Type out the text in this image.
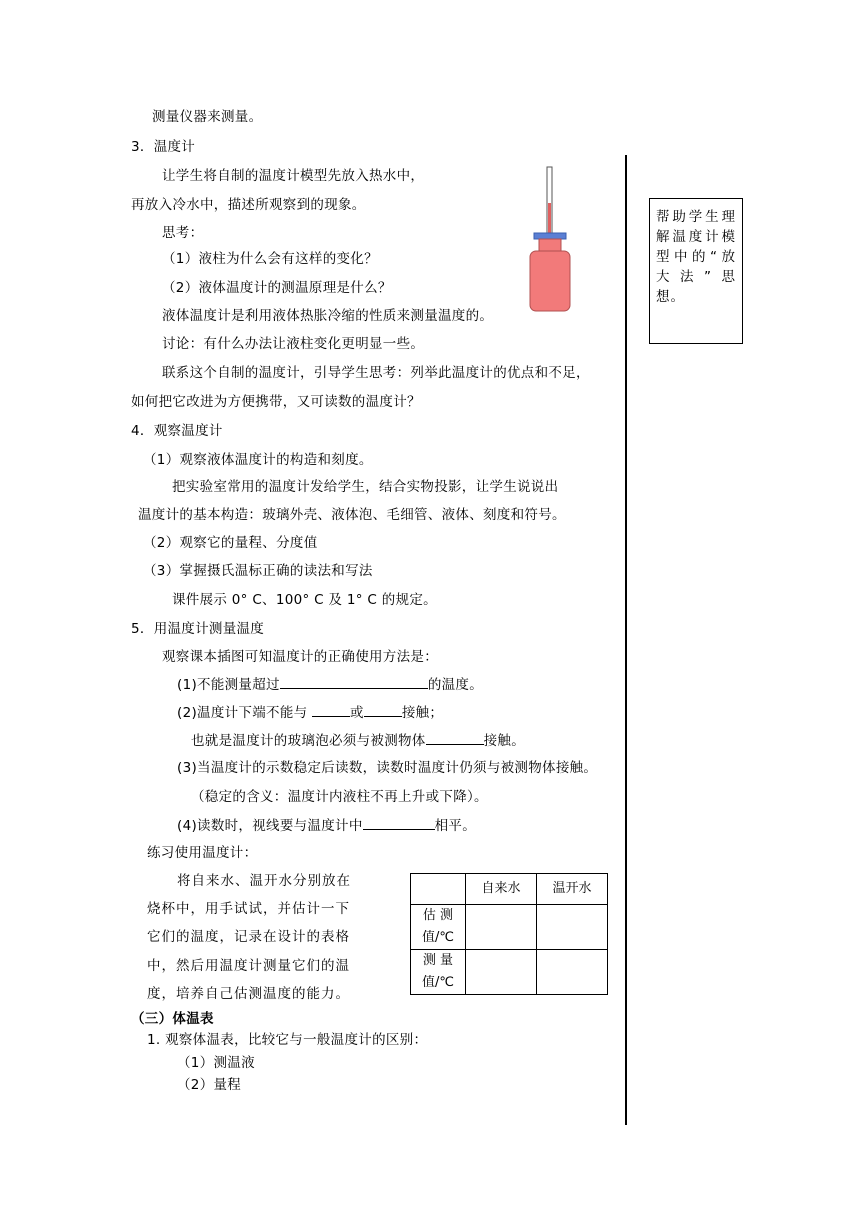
测量仪器来测量。
3．温度计
让学生将自制的温度计模型先放入热水中，
再放入冷水中，描述所观察到的现象。
思考：
（1）液柱为什么会有这样的变化？
（2）液体温度计的测温原理是什么？
液体温度计是利用液体热胀冷缩的性质来测量温度的。
讨论：有什么办法让液柱变化更明显一些。
联系这个自制的温度计，引导学生思考：列举此温度计的优点和不足，
如何把它改进为方便携带，又可读数的温度计？
4．观察温度计
（1）观察液体温度计的构造和刻度。
把实验室常用的温度计发给学生，结合实物投影，让学生说说出
温度计的基本构造：玻璃外壳、液体泡、毛细管、液体、刻度和符号。
（2）观察它的量程、分度值
（3）掌握摄氏温标正确的读法和写法
课件展示 0° C、100° C 及 1° C 的规定。
5．用温度计测量温度
观察课本插图可知温度计的正确使用方法是：
(1)不能测量超过	的温度。
(2)温度计下端不能与	或	接触；
也就是温度计的玻璃泡必须与被测物体	接触。
(3)当温度计的示数稳定后读数，读数时温度计仍须与被测物体接触。
（稳定的含义：温度计内液柱不再上升或下降）。
(4)读数时，视线要与温度计中	相平。
练习使用温度计：
将自来水、温开水分别放在
烧杯中，用手试试，并估计一下
它们的温度，记录在设计的表格
中，然后用温度计测量它们的温
度，培养自己估测温度的能力。
	自来水	温开水

估 测
值/℃		

测 量
值/℃		

（三）体温表
1. 观察体温表，比较它与一般温度计的区别：
（1）测温液
（2）量程
帮助学生理解温度计模型中的“放大法”思想。
